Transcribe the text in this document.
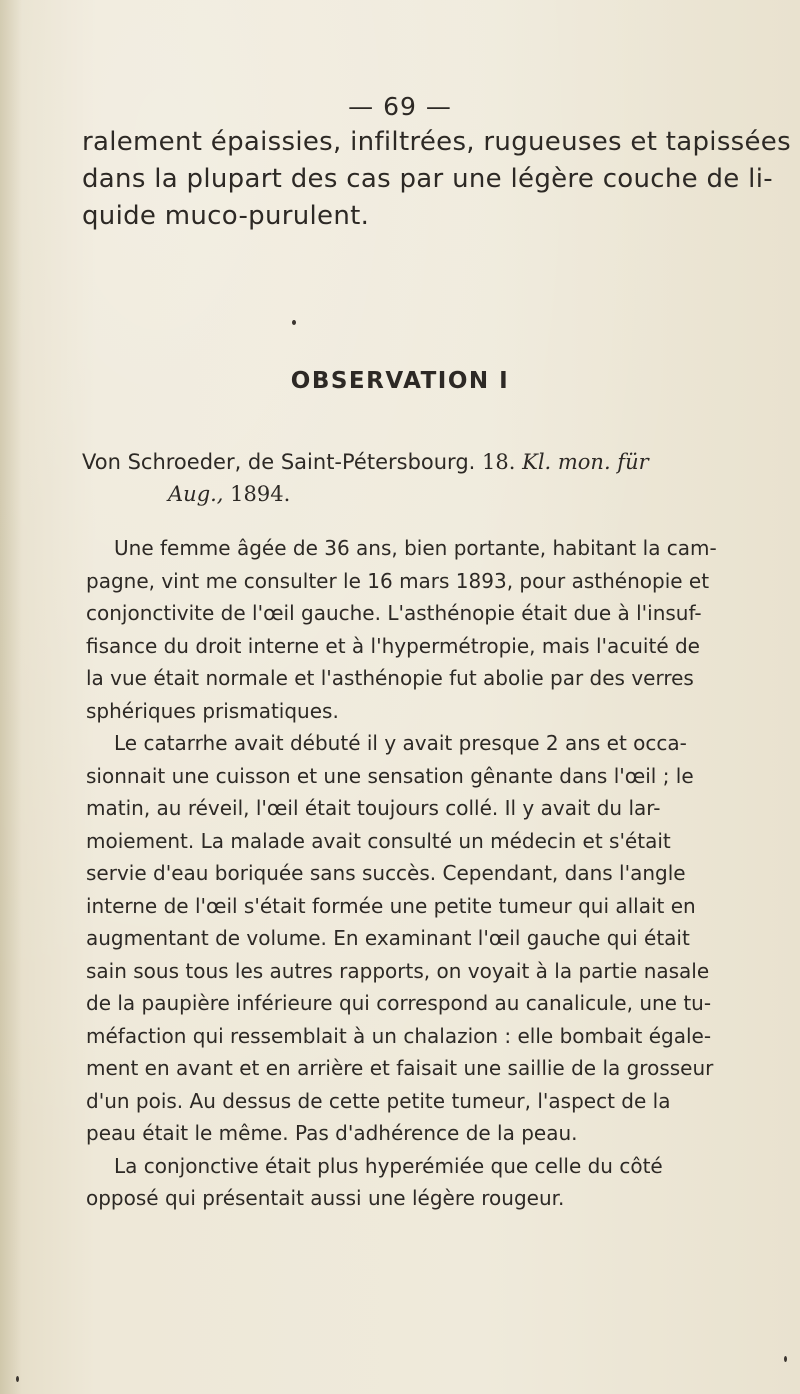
— 69 —

ralement épaissies, infiltrées, rugueuses et tapissées
dans la plupart des cas par une légère couche de li-
quide muco-purulent.

OBSERVATION I

Von Schroeder, de Saint-Pétersbourg. 18. Kl. mon. für
Aug., 1894.

Une femme âgée de 36 ans, bien portante, habitant la cam-
pagne, vint me consulter le 16 mars 1893, pour asthénopie et
conjonctivite de l'œil gauche. L'asthénopie était due à l'insuf-
fisance du droit interne et à l'hypermétropie, mais l'acuité de
la vue était normale et l'asthénopie fut abolie par des verres
sphériques prismatiques.
Le catarrhe avait débuté il y avait presque 2 ans et occa-
sionnait une cuisson et une sensation gênante dans l'œil ; le
matin, au réveil, l'œil était toujours collé. Il y avait du lar-
moiement. La malade avait consulté un médecin et s'était
servie d'eau boriquée sans succès. Cependant, dans l'angle
interne de l'œil s'était formée une petite tumeur qui allait en
augmentant de volume. En examinant l'œil gauche qui était
sain sous tous les autres rapports, on voyait à la partie nasale
de la paupière inférieure qui correspond au canalicule, une tu-
méfaction qui ressemblait à un chalazion : elle bombait égale-
ment en avant et en arrière et faisait une saillie de la grosseur
d'un pois. Au dessus de cette petite tumeur, l'aspect de la
peau était le même. Pas d'adhérence de la peau.
La conjonctive était plus hyperémiée que celle du côté
opposé qui présentait aussi une légère rougeur.
